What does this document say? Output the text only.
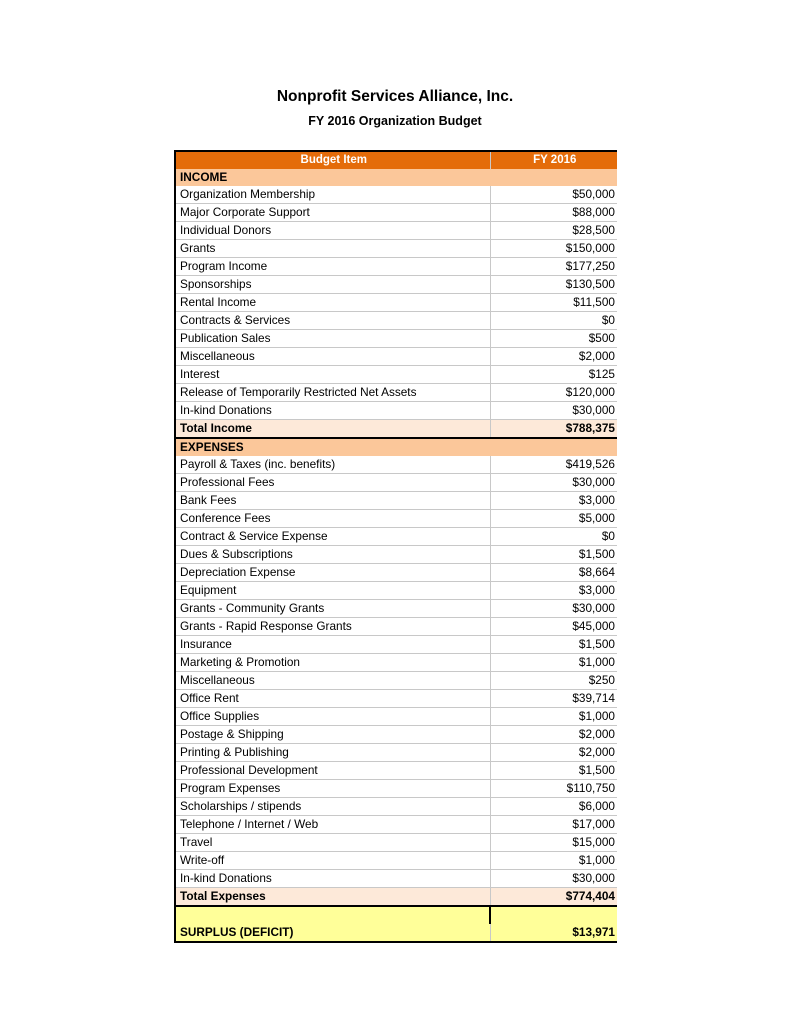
Nonprofit Services Alliance, Inc.
FY 2016 Organization Budget
Budget Item	FY 2016
INCOME	
Organization Membership	$50,000
Major Corporate Support	$88,000
Individual Donors	$28,500
Grants	$150,000
Program Income	$177,250
Sponsorships	$130,500
Rental Income	$11,500
Contracts & Services	$0
Publication Sales	$500
Miscellaneous	$2,000
Interest	$125
Release of Temporarily Restricted Net Assets	$120,000
In-kind Donations	$30,000
Total Income	$788,375
EXPENSES	
Payroll & Taxes (inc. benefits)	$419,526
Professional Fees	$30,000
Bank Fees	$3,000
Conference Fees	$5,000
Contract & Service Expense	$0
Dues & Subscriptions	$1,500
Depreciation Expense	$8,664
Equipment	$3,000
Grants - Community Grants	$30,000
Grants - Rapid Response Grants	$45,000
Insurance	$1,500
Marketing & Promotion	$1,000
Miscellaneous	$250
Office Rent	$39,714
Office Supplies	$1,000
Postage & Shipping	$2,000
Printing & Publishing	$2,000
Professional Development	$1,500
Program Expenses	$110,750
Scholarships / stipends	$6,000
Telephone / Internet / Web	$17,000
Travel	$15,000
Write-off	$1,000
In-kind Donations	$30,000
Total Expenses	$774,404

SURPLUS (DEFICIT)	$13,971
